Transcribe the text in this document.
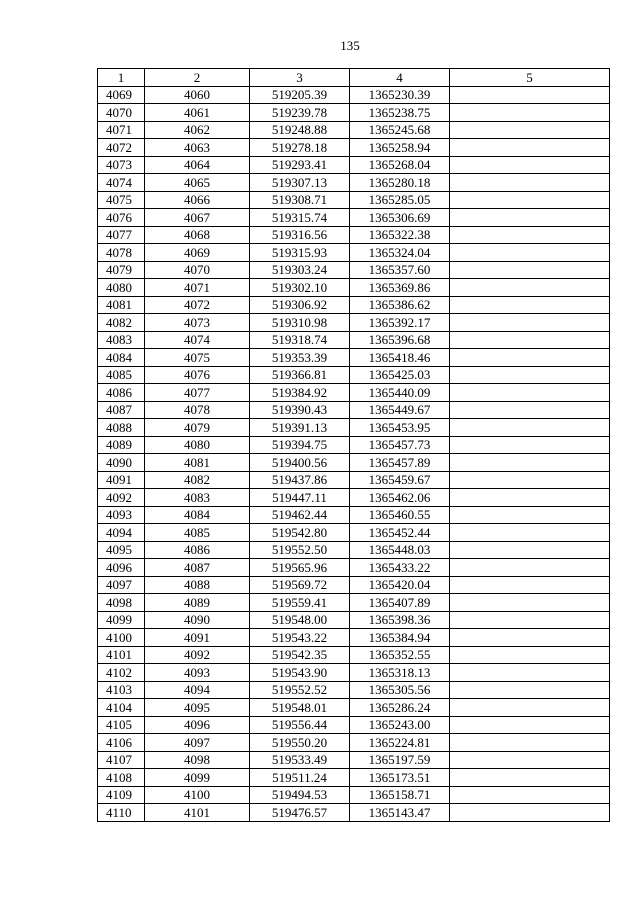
135
1	2	3	4	5
4069	4060	519205.39	1365230.39	
4070	4061	519239.78	1365238.75	
4071	4062	519248.88	1365245.68	
4072	4063	519278.18	1365258.94	
4073	4064	519293.41	1365268.04	
4074	4065	519307.13	1365280.18	
4075	4066	519308.71	1365285.05	
4076	4067	519315.74	1365306.69	
4077	4068	519316.56	1365322.38	
4078	4069	519315.93	1365324.04	
4079	4070	519303.24	1365357.60	
4080	4071	519302.10	1365369.86	
4081	4072	519306.92	1365386.62	
4082	4073	519310.98	1365392.17	
4083	4074	519318.74	1365396.68	
4084	4075	519353.39	1365418.46	
4085	4076	519366.81	1365425.03	
4086	4077	519384.92	1365440.09	
4087	4078	519390.43	1365449.67	
4088	4079	519391.13	1365453.95	
4089	4080	519394.75	1365457.73	
4090	4081	519400.56	1365457.89	
4091	4082	519437.86	1365459.67	
4092	4083	519447.11	1365462.06	
4093	4084	519462.44	1365460.55	
4094	4085	519542.80	1365452.44	
4095	4086	519552.50	1365448.03	
4096	4087	519565.96	1365433.22	
4097	4088	519569.72	1365420.04	
4098	4089	519559.41	1365407.89	
4099	4090	519548.00	1365398.36	
4100	4091	519543.22	1365384.94	
4101	4092	519542.35	1365352.55	
4102	4093	519543.90	1365318.13	
4103	4094	519552.52	1365305.56	
4104	4095	519548.01	1365286.24	
4105	4096	519556.44	1365243.00	
4106	4097	519550.20	1365224.81	
4107	4098	519533.49	1365197.59	
4108	4099	519511.24	1365173.51	
4109	4100	519494.53	1365158.71	
4110	4101	519476.57	1365143.47	
